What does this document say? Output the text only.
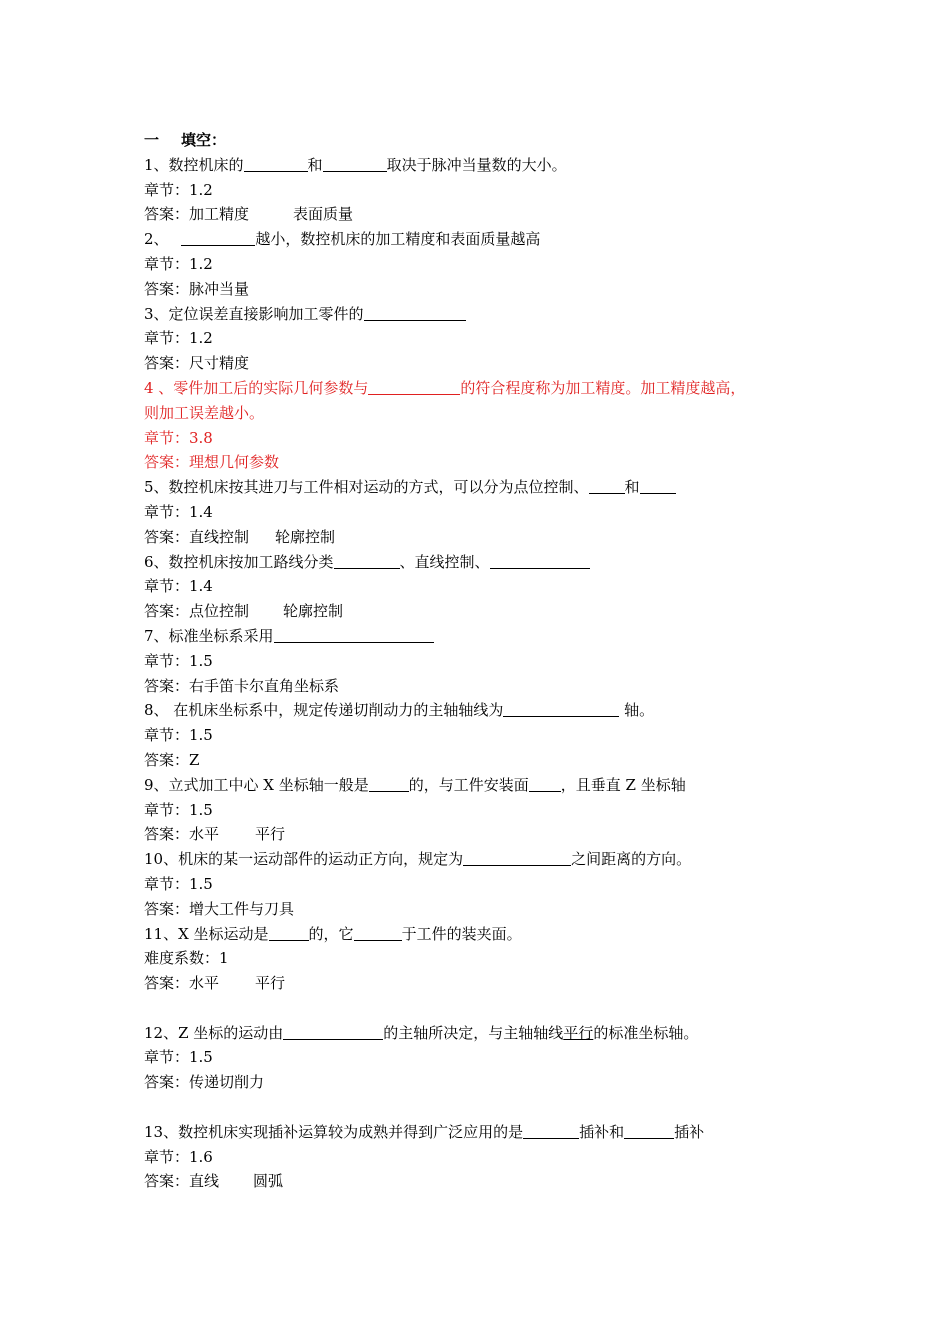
一 填空：
1、数控机床的	和	取决于脉冲当量数的大小。
章节：1.2
答案：加工精度	表面质量
2、	越小，数控机床的加工精度和表面质量越高
章节：1.2
答案：脉冲当量
3、定位误差直接影响加工零件的
章节：1.2
答案：尺寸精度
4 、零件加工后的实际几何参数与	的符合程度称为加工精度。加工精度越高，
则加工误差越小。
章节：3.8
答案：理想几何参数
5、数控机床按其进刀与工件相对运动的方式，可以分为点位控制、 和
章节：1.4
答案：直线控制 轮廓控制
6、数控机床按加工路线分类	、直线控制、
章节：1.4
答案：点位控制 轮廓控制
7、标准坐标系采用
章节：1.5
答案：右手笛卡尔直角坐标系
8、 在机床坐标系中，规定传递切削动力的主轴轴线为	轴。
章节：1.5
答案：Z
9、立式加工中心 X 坐标轴一般是	的，与工件安装面 ，且垂直 Z 坐标轴
章节：1.5
答案：水平 平行
10、机床的某一运动部件的运动正方向，规定为	之间距离的方向。
章节：1.5
答案：增大工件与刀具
11、X 坐标运动是	的，它	于工件的装夹面。
难度系数：1
答案：水平 平行
12、Z 坐标的运动由	的主轴所决定，与主轴轴线平行的标准坐标轴。
章节：1.5
答案：传递切削力
13、数控机床实现插补运算较为成熟并得到广泛应用的是	插补和	插补
章节：1.6
答案：直线 圆弧
